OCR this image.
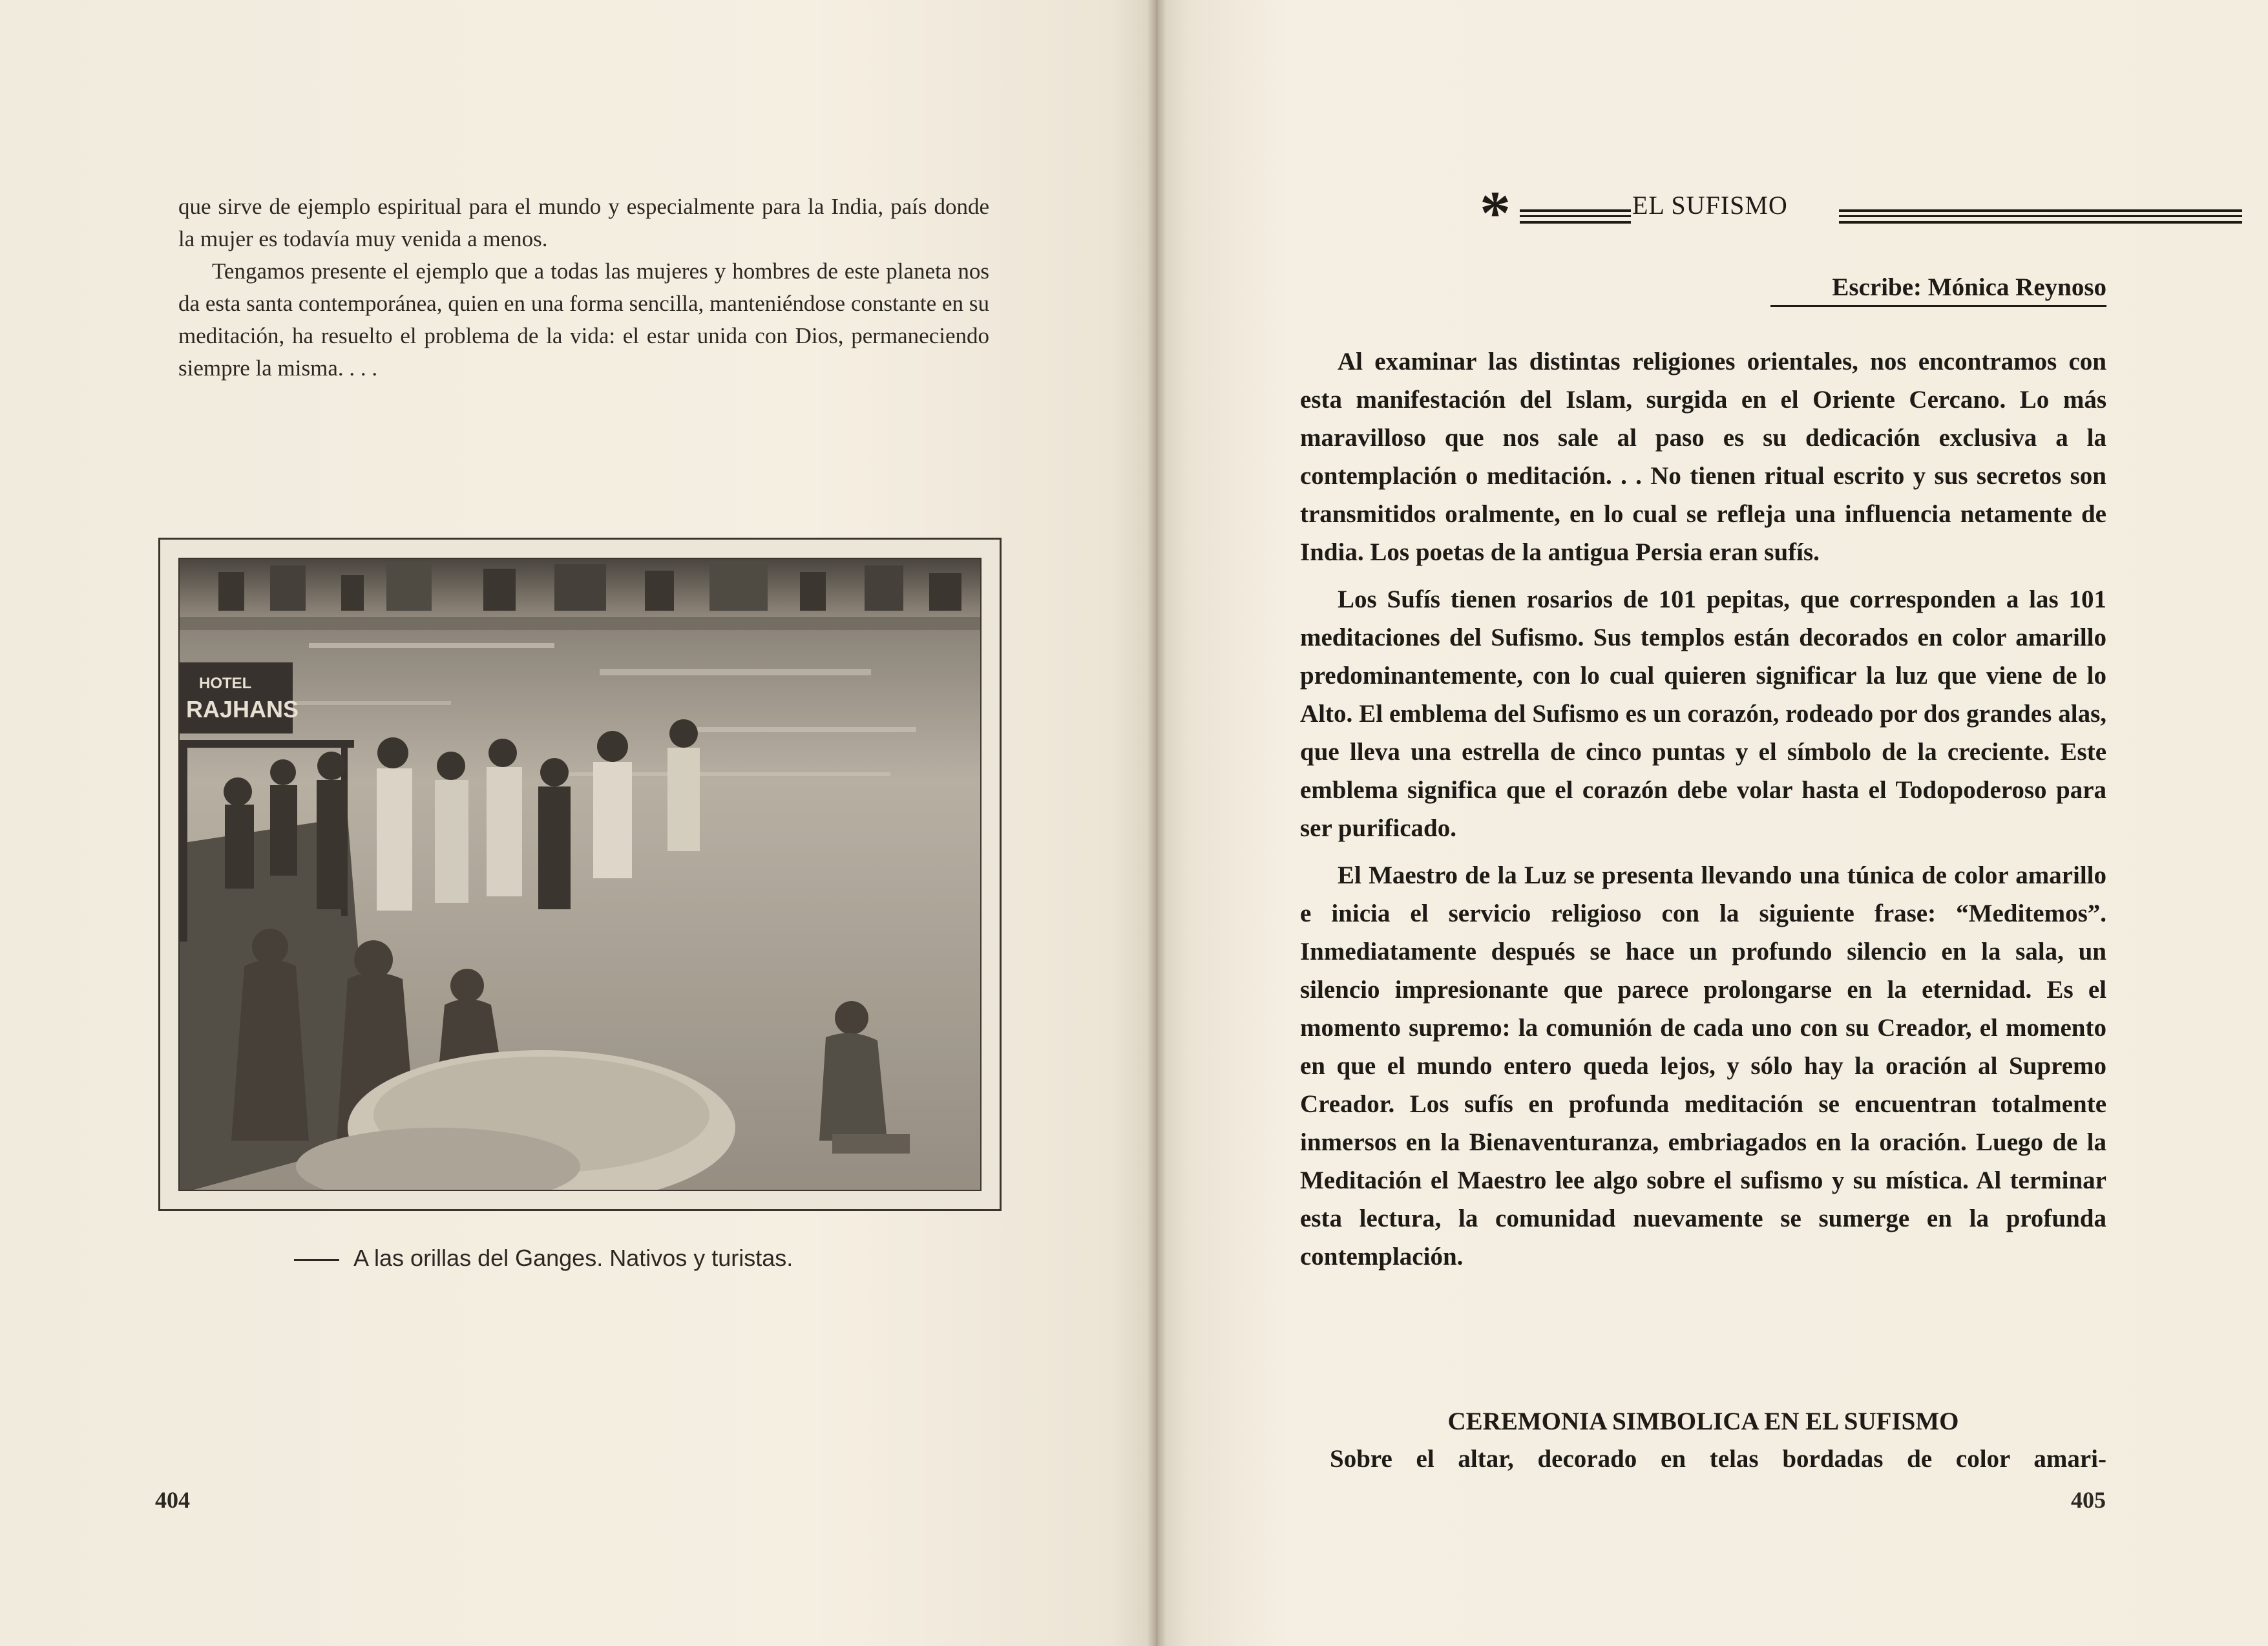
que sirve de ejemplo espiritual para el mundo y especialmente para la India, país donde la mujer es todavía muy venida a menos.
Tengamos presente el ejemplo que a todas las mujeres y hombres de este planeta nos da esta santa contemporánea, quien en una forma sencilla, manteniéndose constante en su meditación, ha resuelto el problema de la vida: el estar unida con Dios, permaneciendo siempre la misma. . . .

HOTEL
RAJHANS
A las orillas del Ganges. Nativos y turistas.
404
*	EL SUFISMO
Escribe: Mónica Reynoso

Al examinar las distintas religiones orientales, nos encontramos con esta manifestación del Islam, surgida en el Oriente Cercano. Lo más maravilloso que nos sale al paso es su dedicación exclusiva a la contemplación o meditación. . . No tienen ritual escrito y sus secretos son transmitidos oralmente, en lo cual se refleja una influencia netamente de India. Los poetas de la antigua Persia eran sufís.

Los Sufís tienen rosarios de 101 pepitas, que corresponden a las 101 meditaciones del Sufismo. Sus templos están decorados en color amarillo predominantemente, con lo cual quieren significar la luz que viene de lo Alto. El emblema del Sufismo es un corazón, rodeado por dos grandes alas, que lleva una estrella de cinco puntas y el símbolo de la creciente. Este emblema significa que el corazón debe volar hasta el Todopoderoso para ser purificado.

El Maestro de la Luz se presenta llevando una túnica de color amarillo e inicia el servicio religioso con la siguiente frase: “Meditemos”. Inmediatamente después se hace un profundo silencio en la sala, un silencio impresionante que parece prolongarse en la eternidad. Es el momento supremo: la comunión de cada uno con su Creador, el momento en que el mundo entero queda lejos, y sólo hay la oración al Supremo Creador. Los sufís en profunda meditación se encuentran totalmente inmersos en la Bienaventuranza, embriagados en la oración. Luego de la Meditación el Maestro lee algo sobre el sufismo y su mística. Al terminar esta lectura, la comunidad nuevamente se sumerge en la profunda contemplación.

CEREMONIA SIMBOLICA EN EL SUFISMO
Sobre el altar, decorado en telas bordadas de color amari-
405
